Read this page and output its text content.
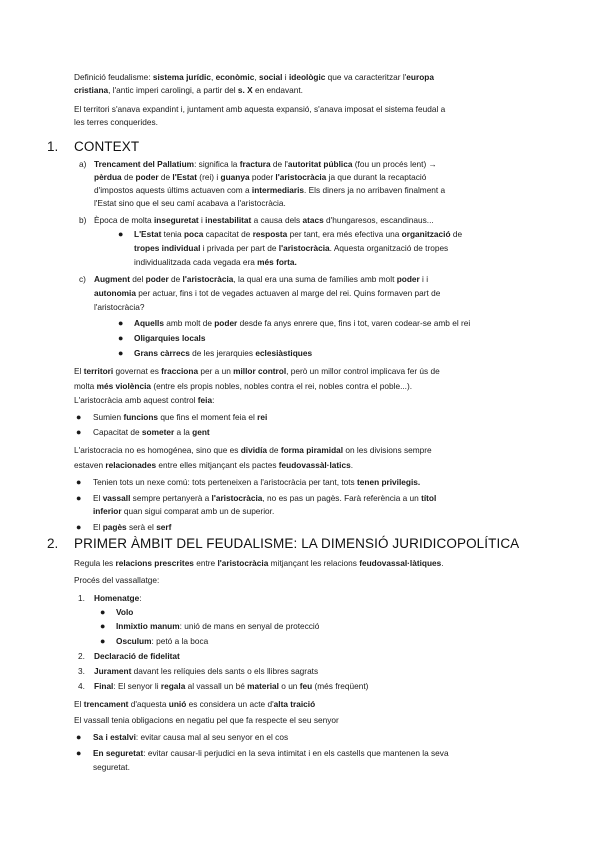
Definició feudalisme: sistema jurídic, econòmic, social i ideològic que va caracteritzar l'europa
cristiana, l'antic imperi carolingi, a partir del s. X en endavant.
El territori s'anava expandint i, juntament amb aquesta expansió, s'anava imposat el sistema feudal a
les terres conquerides.
1. CONTEXT
a) Trencament del Pallatium: significa la fractura de l'autoritat pública (fou un procés lent) →
pèrdua de poder de l'Estat (rei) i guanya poder l'aristocràcia ja que durant la recaptació
d'impostos aquests últims actuaven com a intermediaris. Els diners ja no arribaven finalment a
l'Estat sino que el seu camí acabava a l'aristocràcia.
b) Època de molta inseguretat i inestabilitat a causa dels atacs d'hungaresos, escandinaus...
● L'Estat tenia poca capacitat de resposta per tant, era més efectiva una organització de
tropes individual i privada per part de l'aristocràcia. Aquesta organització de tropes
individualitzada cada vegada era més forta.
c) Augment del poder de l'aristocràcia, la qual era una suma de famílies amb molt poder i i
autonomia per actuar, fins i tot de vegades actuaven al marge del rei. Quins formaven part de
l'aristocràcia?
● Aquells amb molt de poder desde fa anys enrere que, fins i tot, varen codear-se amb el rei
● Oligarquies locals
● Grans càrrecs de les jerarquies eclesiàstiques
El territori governat es fracciona per a un millor control, però un millor control implicava fer ús de
molta més violència (entre els propis nobles, nobles contra el rei, nobles contra el poble...).
L'aristocràcia amb aquest control feia:
● Sumien funcions que fins el moment feia el rei
● Capacitat de someter a la gent
L'aristocracia no es homogénea, sino que es dividía de forma piramidal on les divisions sempre
estaven relacionades entre elles mitjançant els pactes feudovassàl·latics.
● Tenien tots un nexe comú: tots perteneixen a l'aristocràcia per tant, tots tenen privilegis.
● El vassall sempre pertanyerà a l'aristocràcia, no es pas un pagès. Farà referència a un títol
inferior quan sigui comparat amb un de superior.
● El pagès serà el serf
2. PRIMER ÀMBIT DEL FEUDALISME: LA DIMENSIÓ JURIDICOPOLÍTICA
Regula les relacions prescrites entre l'aristocràcia mitjançant les relacions feudovassal·làtiques.
Procés del vassallatge:
1. Homenatge:
● Volo
● Inmixtio manum: unió de mans en senyal de protecció
● Osculum: petó a la boca
2. Declaració de fidelitat
3. Jurament davant les relíquies dels sants o els llibres sagrats
4. Final: El senyor li regala al vassall un bé material o un feu (més freqüent)
El trencament d'aquesta unió es considera un acte d'alta traició
El vassall tenia obligacions en negatiu pel que fa respecte el seu senyor
● Sa i estalvi: evitar causa mal al seu senyor en el cos
● En seguretat: evitar causar-li perjudici en la seva intimitat i en els castells que mantenen la seva
seguretat.
